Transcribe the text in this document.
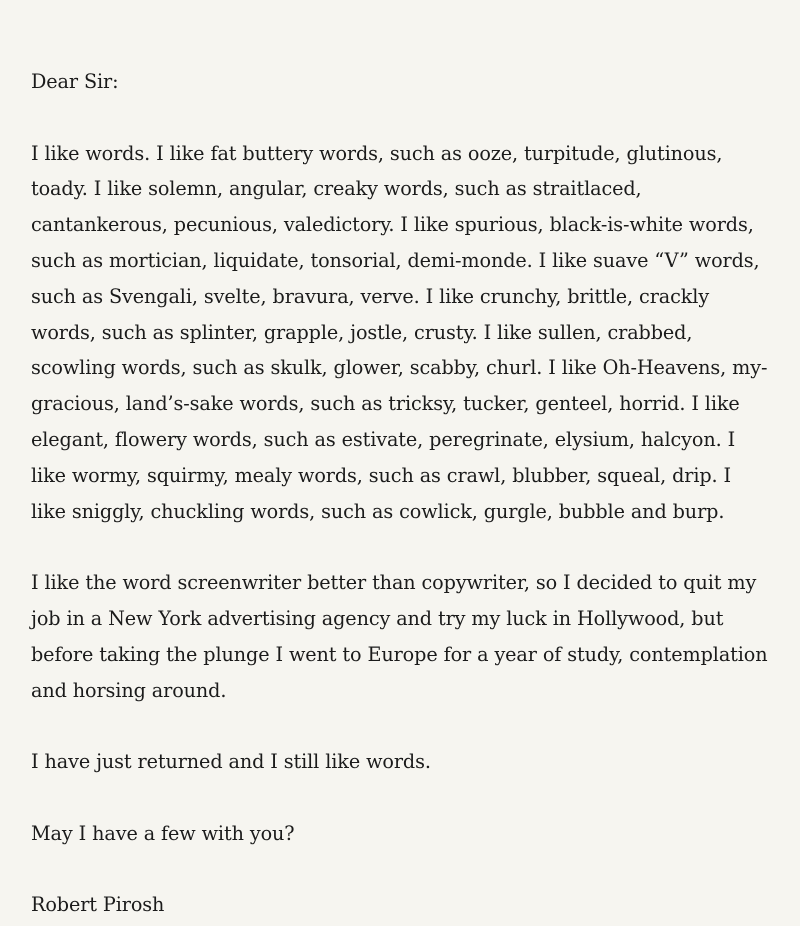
Dear Sir:

I like words. I like fat buttery words, such as ooze, turpitude, glutinous, toady. I like solemn, angular, creaky words, such as straitlaced, cantankerous, pecunious, valedictory. I like spurious, black-is-white words, such as mortician, liquidate, tonsorial, demi-monde. I like suave “V” words, such as Svengali, svelte, bravura, verve. I like crunchy, brittle, crackly words, such as splinter, grapple, jostle, crusty. I like sullen, crabbed, scowling words, such as skulk, glower, scabby, churl. I like Oh-Heavens, my-gracious, land’s-sake words, such as tricksy, tucker, genteel, horrid. I like elegant, flowery words, such as estivate, peregrinate, elysium, halcyon. I like wormy, squirmy, mealy words, such as crawl, blubber, squeal, drip. I like sniggly, chuckling words, such as cowlick, gurgle, bubble and burp.

I like the word screenwriter better than copywriter, so I decided to quit my job in a New York advertising agency and try my luck in Hollywood, but before taking the plunge I went to Europe for a year of study, contemplation and horsing around.

I have just returned and I still like words.

May I have a few with you?

Robert Pirosh
